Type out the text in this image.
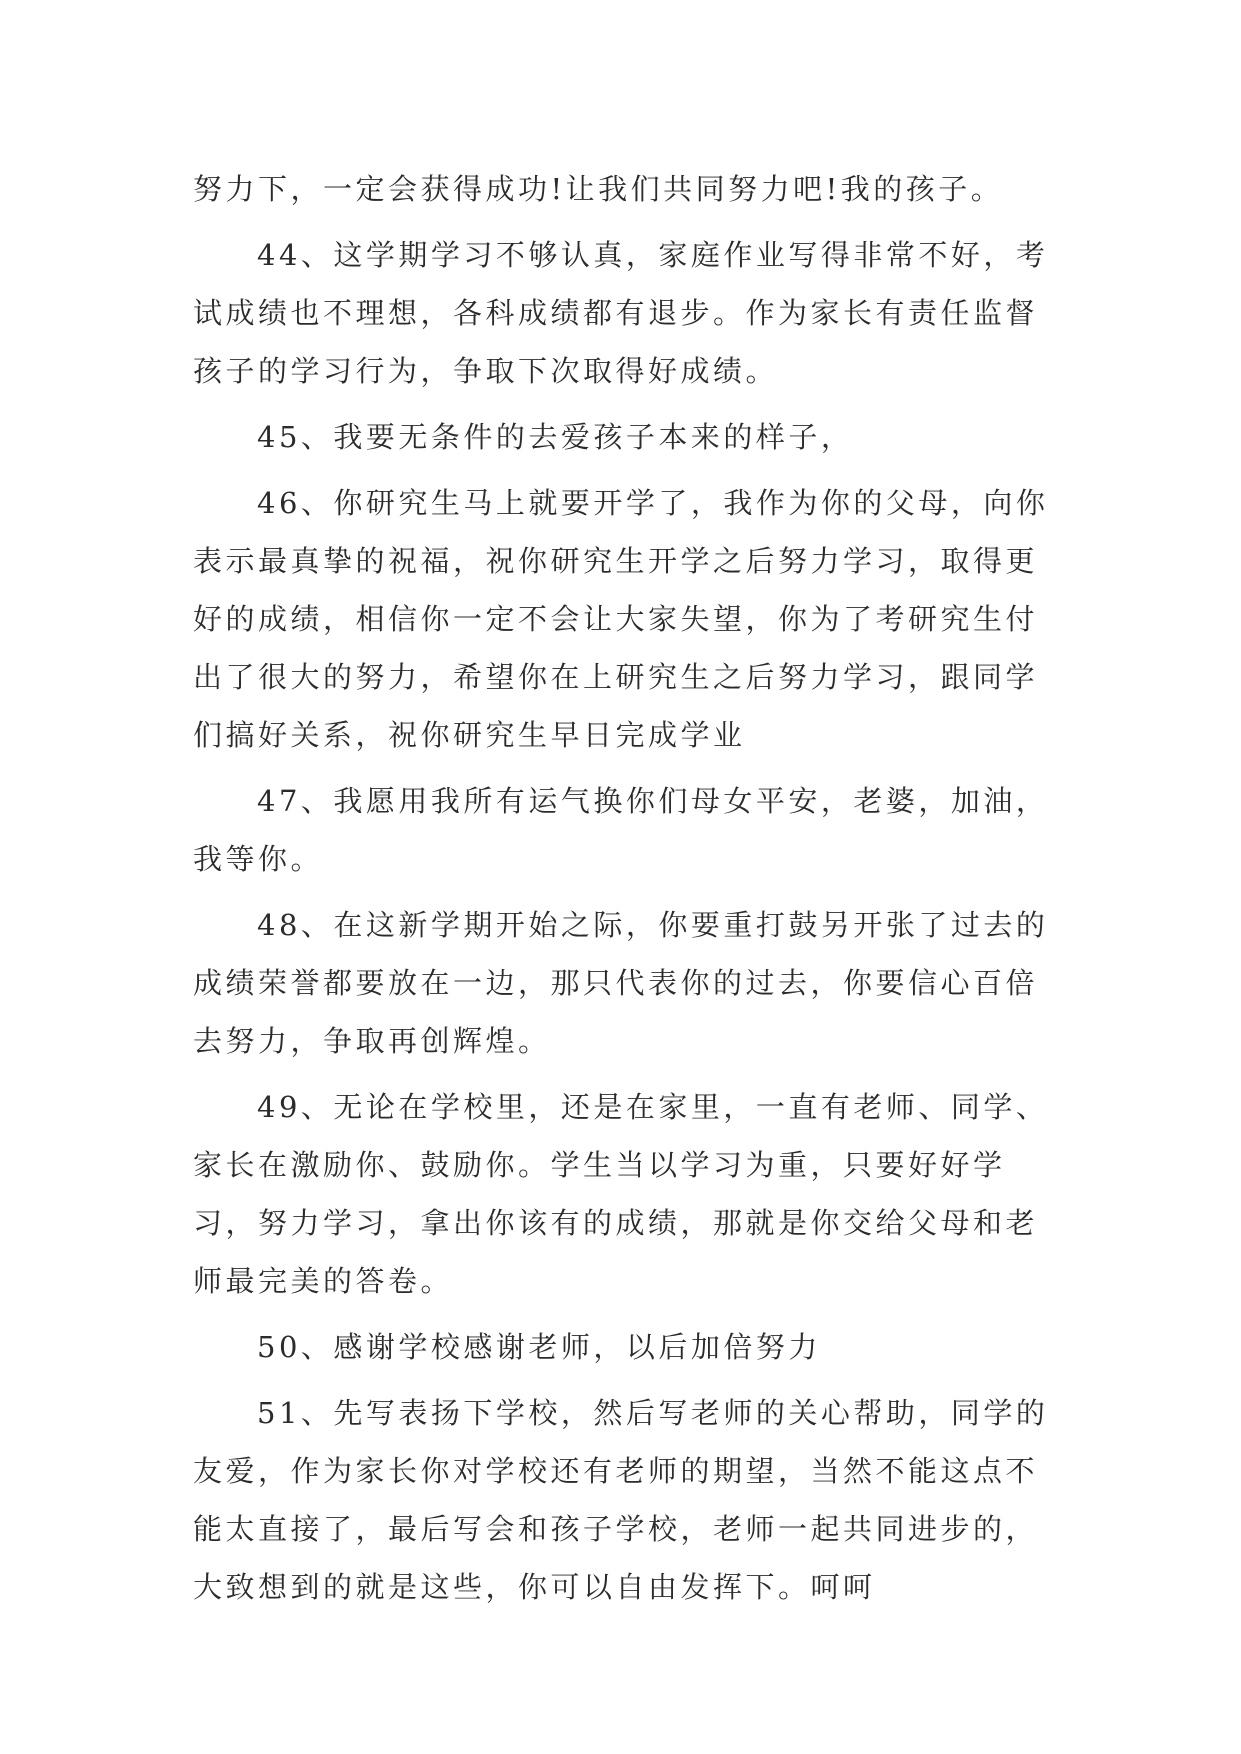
努力下，一定会获得成功!让我们共同努力吧!我的孩子。

44、这学期学习不够认真，家庭作业写得非常不好，考试成绩也不理想，各科成绩都有退步。作为家长有责任监督孩子的学习行为，争取下次取得好成绩。

45、我要无条件的去爱孩子本来的样子，

46、你研究生马上就要开学了，我作为你的父母，向你表示最真挚的祝福，祝你研究生开学之后努力学习，取得更好的成绩，相信你一定不会让大家失望，你为了考研究生付出了很大的努力，希望你在上研究生之后努力学习，跟同学们搞好关系，祝你研究生早日完成学业

47、我愿用我所有运气换你们母女平安，老婆，加油，我等你。

48、在这新学期开始之际，你要重打鼓另开张了过去的成绩荣誉都要放在一边，那只代表你的过去，你要信心百倍去努力，争取再创辉煌。

49、无论在学校里，还是在家里，一直有老师、同学、家长在激励你、鼓励你。学生当以学习为重，只要好好学习，努力学习，拿出你该有的成绩，那就是你交给父母和老师最完美的答卷。

50、感谢学校感谢老师，以后加倍努力

51、先写表扬下学校，然后写老师的关心帮助，同学的友爱，作为家长你对学校还有老师的期望，当然不能这点不能太直接了，最后写会和孩子学校，老师一起共同进步的，大致想到的就是这些，你可以自由发挥下。呵呵
